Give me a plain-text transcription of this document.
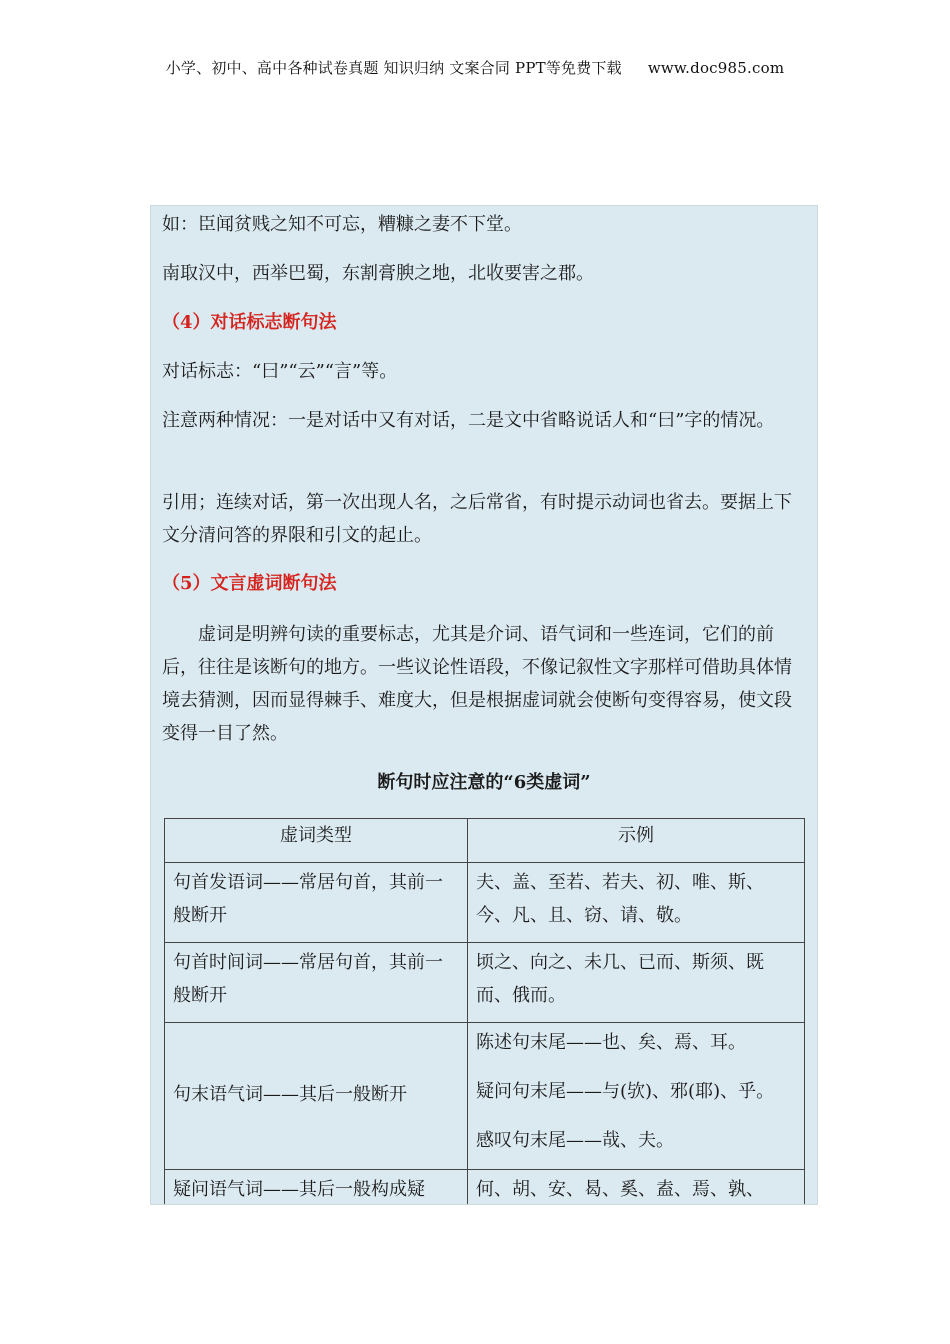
小学、初中、高中各种试卷真题 知识归纳 文案合同 PPT等免费下载 www.doc985.com

如：臣闻贫贱之知不可忘，糟糠之妻不下堂。

南取汉中，西举巴蜀，东割膏腴之地，北收要害之郡。

（4）对话标志断句法

对话标志：“曰”“云”“言”等。

注意两种情况：一是对话中又有对话，二是文中省略说话人和“曰”字的情况。

引用；连续对话，第一次出现人名，之后常省，有时提示动词也省去。要据上下文分清问答的界限和引文的起止。

（5）文言虚词断句法

虚词是明辨句读的重要标志，尤其是介词、语气词和一些连词，它们的前后，往往是该断句的地方。一些议论性语段，不像记叙性文字那样可借助具体情境去猜测，因而显得棘手、难度大，但是根据虚词就会使断句变得容易，使文段变得一目了然。

断句时应注意的“6类虚词”
虚词类型	示例
句首发语词——常居句首，其前一般断开	夫、盖、至若、若夫、初、唯、斯、今、凡、且、窃、请、敬。

句首时间词——常居句首，其前一般断开	顷之、向之、未几、已而、斯须、既而、俄而。

句末语气词——其后一般断开	陈述句末尾——也、矣、焉、耳。
疑问句末尾——与(欤)、邪(耶)、乎。
感叹句末尾——哉、夫。

疑问语气词——其后一般构成疑	何、胡、安、曷、奚、盍、焉、孰、
